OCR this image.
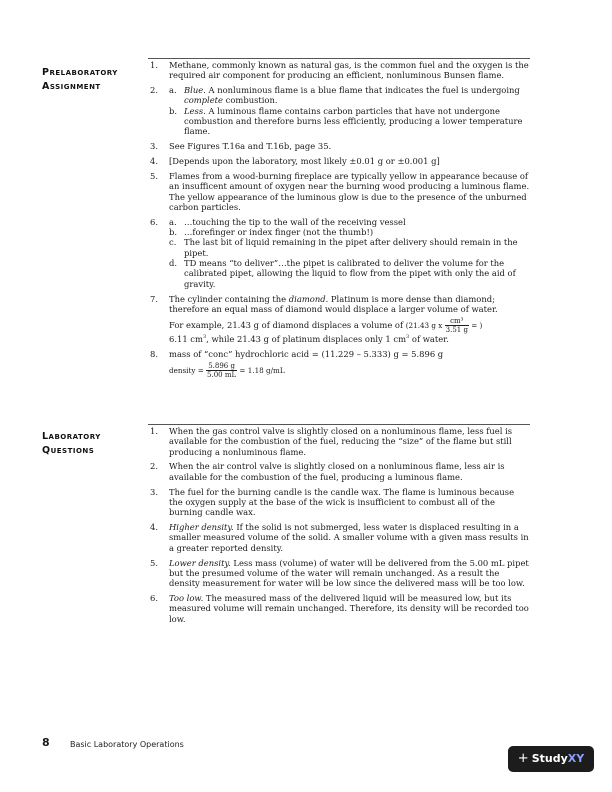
Prelaboratory
Assignment
1. Methane, commonly known as natural gas, is the common fuel and the oxygen is the required air component for producing an efficient, nonluminous Bunsen flame.
2. a. Blue. A nonluminous flame is a blue flame that indicates the fuel is undergoing complete combustion.
b. Less. A luminous flame contains carbon particles that have not undergone combustion and therefore burns less efficiently, producing a lower temperature flame.
3. See Figures T.16a and T.16b, page 35.
4. [Depends upon the laboratory, most likely ±0.01 g or ±0.001 g]
5. Flames from a wood-burning fireplace are typically yellow in appearance because of an insufficent amount of oxygen near the burning wood producing a luminous flame. The yellow appearance of the luminous glow is due to the presence of the unburned carbon particles.
6. a. …touching the tip to the wall of the receiving vessel
b. …forefinger or index finger (not the thumb!)
c. The last bit of liquid remaining in the pipet after delivery should remain in the pipet.
d. TD means “to deliver”…the pipet is calibrated to deliver the volume for the calibrated pipet, allowing the liquid to flow from the pipet with only the aid of gravity.
7. The cylinder containing the diamond. Platinum is more dense than diamond; therefore an equal mass of diamond would displace a larger volume of water.
For example, 21.43 g of diamond displaces a volume of (21.43 g x $\frac{\text{cm³}}{3.51 g}$ = )
6.11 $cm^3$, while 21.43 g of platinum displaces only 1 $cm^3$ of water.
8. mass of “conc” hydrochloric acid = (11.229 – 5.333) g = 5.896 g
density = $\frac{5.896 g}{5.00 mL} = 1.18$ g/mL
Laboratory
Questions
1. When the gas control valve is slightly closed on a nonluminous flame, less fuel is available for the combustion of the fuel, reducing the “size” of the flame but still producing a nonluminous flame.
2. When the air control valve is slightly closed on a nonluminous flame, less air is available for the combustion of the fuel, producing a luminous flame.
3. The fuel for the burning candle is the candle wax. The flame is luminous because the oxygen supply at the base of the wick is insufficient to combust all of the burning candle wax.
4. Higher density. If the solid is not submerged, less water is displaced resulting in a smaller measured volume of the solid. A smaller volume with a given mass results in a greater reported density.
5. Lower density. Less mass (volume) of water will be delivered from the 5.00 mL pipet but the presumed volume of the water will remain unchanged. As a result the density measurement for water will be low since the delivered mass will be too low.
6. Too low. The measured mass of the delivered liquid will be measured low, but its measured volume will remain unchanged. Therefore, its density will be recorded too low.
8	Basic Laboratory Operations
+ StudyXY
